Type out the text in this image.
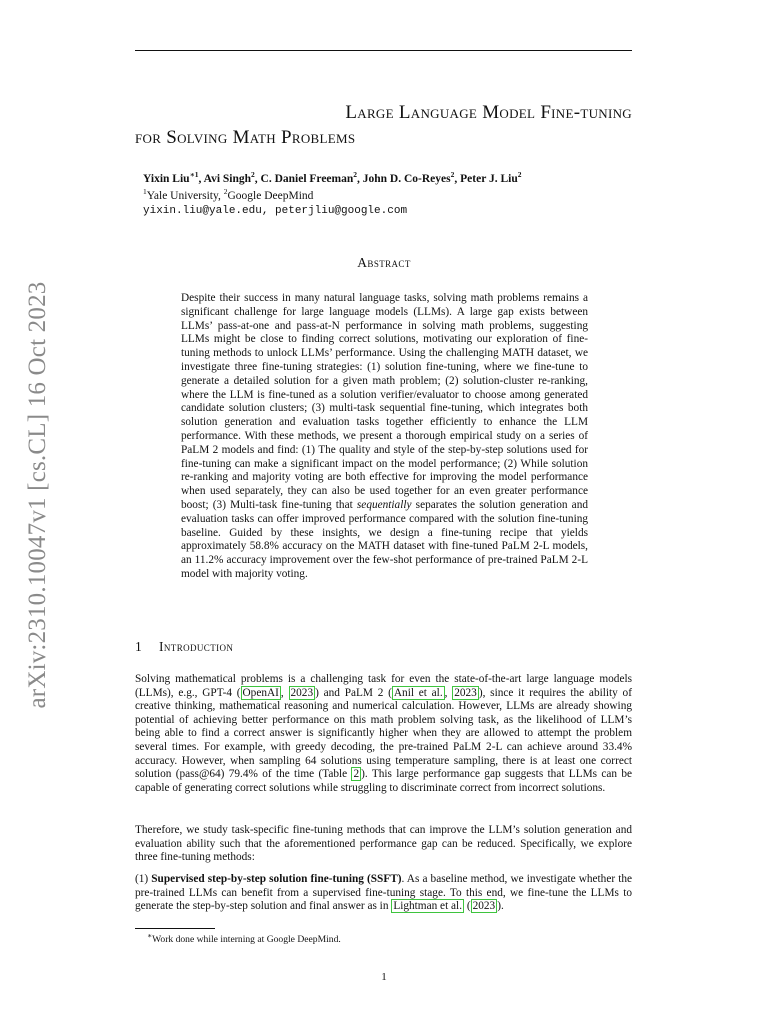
arXiv:2310.10047v1 [cs.CL] 16 Oct 2023
Large Language Model Fine-tuning
for Solving Math Problems
Yixin Liu$^{∗1}$, Avi Singh$^2$, C. Daniel Freeman$^2$, John D. Co-Reyes$^2$, Peter J. Liu$^2$
$^1$Yale University, $^2$Google DeepMind
yixin.liu@yale.edu, peterjliu@google.com
Abstract
Despite their success in many natural language tasks, solving math problems remains a significant challenge for large language models (LLMs). A large gap exists between LLMs’ pass-at-one and pass-at-N performance in solving math problems, suggesting LLMs might be close to finding correct solutions, motivating our exploration of fine-tuning methods to unlock LLMs’ performance. Using the challenging MATH dataset, we investigate three fine-tuning strategies: (1) solution fine-tuning, where we fine-tune to generate a detailed solution for a given math problem; (2) solution-cluster re-ranking, where the LLM is fine-tuned as a solution verifier/evaluator to choose among generated candidate solution clusters; (3) multi-task sequential fine-tuning, which integrates both solution generation and evaluation tasks together efficiently to enhance the LLM performance. With these methods, we present a thorough empirical study on a series of PaLM 2 models and find: (1) The quality and style of the step-by-step solutions used for fine-tuning can make a significant impact on the model performance; (2) While solution re-ranking and majority voting are both effective for improving the model performance when used separately, they can also be used together for an even greater performance boost; (3) Multi-task fine-tuning that sequentially separates the solution generation and evaluation tasks can offer improved performance compared with the solution fine-tuning baseline. Guided by these insights, we design a fine-tuning recipe that yields approximately 58.8% accuracy on the MATH dataset with fine-tuned PaLM 2-L models, an 11.2% accuracy improvement over the few-shot performance of pre-trained PaLM 2-L model with majority voting.
1 Introduction
Solving mathematical problems is a challenging task for even the state-of-the-art large language models (LLMs), e.g., GPT-4 ( OpenAI , 2023 ) and PaLM 2 ( Anil et al. , 2023 ), since it requires the ability of creative thinking, mathematical reasoning and numerical calculation. However, LLMs are already showing potential of achieving better performance on this math problem solving task, as the likelihood of LLM’s being able to find a correct answer is significantly higher when they are allowed to attempt the problem several times. For example, with greedy decoding, the pre-trained PaLM 2-L can achieve around 33.4% accuracy. However, when sampling 64 solutions using temperature sampling, there is at least one correct solution (pass@64) 79.4% of the time (Table 2 ). This large performance gap suggests that LLMs can be capable of generating correct solutions while struggling to discriminate correct from incorrect solutions.
Therefore, we study task-specific fine-tuning methods that can improve the LLM’s solution generation and evaluation ability such that the aforementioned performance gap can be reduced. Specifically, we explore three fine-tuning methods:
(1) Supervised step-by-step solution fine-tuning (SSFT). As a baseline method, we investigate whether the pre-trained LLMs can benefit from a supervised fine-tuning stage. To this end, we fine-tune the LLMs to generate the step-by-step solution and final answer as in Lightman et al. ( 2023 ).
∗Work done while interning at Google DeepMind.
1
